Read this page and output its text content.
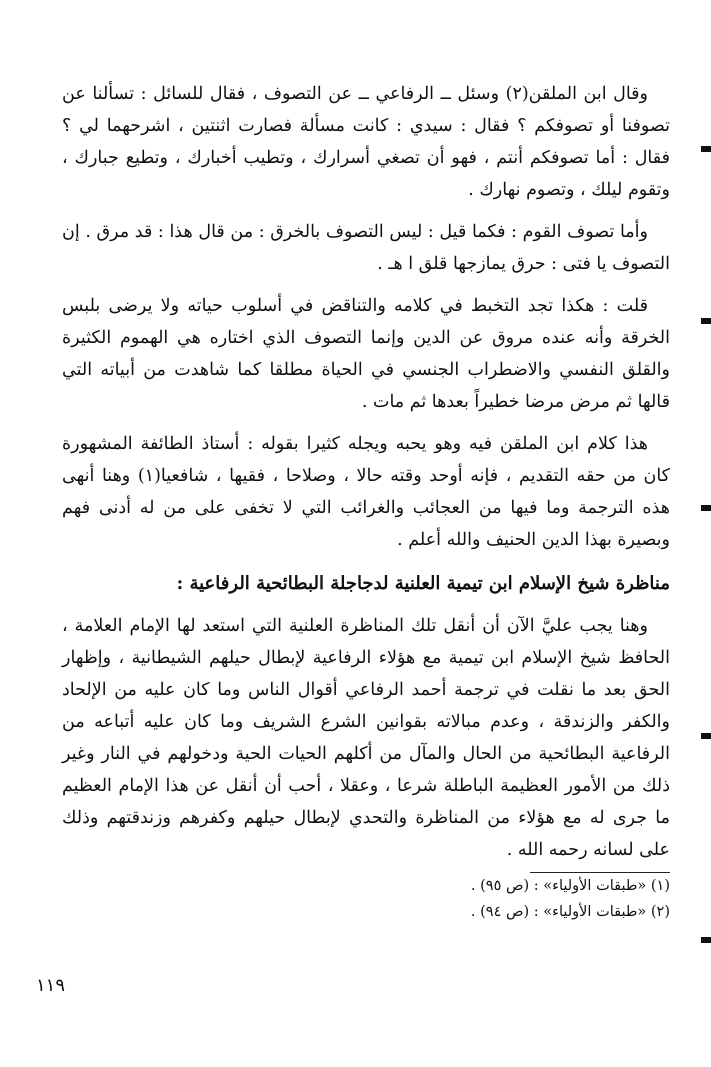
وقال ابن الملقن(٢) وسئل ــ الرفاعي ــ عن التصوف ، فقال للسائل : تسألنا عن تصوفنا أو تصوفكم ؟ فقال : سيدي : كانت مسألة فصارت اثنتين ، اشرحهما لي ؟ فقال : أما تصوفكم أنتم ، فهو أن تصغي أسرارك ، وتطيب أخبارك ، وتطيع جبارك ، وتقوم ليلك ، وتصوم نهارك .

وأما تصوف القوم : فكما قيل : ليس التصوف بالخرق : من قال هذا : قد مرق . إن التصوف يا فتى : حرق يمازجها قلق ا هـ .

قلت : هكذا تجد التخبط في كلامه والتناقض في أسلوب حياته ولا يرضى بلبس الخرقة وأنه عنده مروق عن الدين وإنما التصوف الذي اختاره هي الهموم الكثيرة والقلق النفسي والاضطراب الجنسي في الحياة مطلقا كما شاهدت من أبياته التي قالها ثم مرض مرضا خطيراً بعدها ثم مات .

هذا كلام ابن الملقن فيه وهو يحبه ويجله كثيرا بقوله : أستاذ الطائفة المشهورة كان من حقه التقديم ، فإنه أوحد وقته حالا ، وصلاحا ، فقيها ، شافعيا(١) وهنا أنهى هذه الترجمة وما فيها من العجائب والغرائب التي لا تخفى على من له أدنى فهم وبصيرة بهذا الدين الحنيف والله أعلم .

مناظرة شيخ الإسلام ابن تيمية العلنية لدجاجلة البطائحية الرفاعية :

وهنا يجب عليَّ الآن أن أنقل تلك المناظرة العلنية التي استعد لها الإمام العلامة ، الحافظ شيخ الإسلام ابن تيمية مع هؤلاء الرفاعية لإبطال حيلهم الشيطانية ، وإظهار الحق بعد ما نقلت في ترجمة أحمد الرفاعي أقوال الناس وما كان عليه من الإلحاد والكفر والزندقة ، وعدم مبالاته بقوانين الشرع الشريف وما كان عليه أتباعه من الرفاعية البطائحية من الحال والمآل من أكلهم الحيات الحية ودخولهم في النار وغير ذلك من الأمور العظيمة الباطلة شرعا ، وعقلا ، أحب أن أنقل عن هذا الإمام العظيم ما جرى له مع هؤلاء من المناظرة والتحدي لإبطال حيلهم وكفرهم وزندقتهم وذلك على لسانه رحمه الله .

(١) «طبقات الأولياء» : (ص ٩٥) .
(٢) «طبقات الأولياء» : (ص ٩٤) .
١١٩
